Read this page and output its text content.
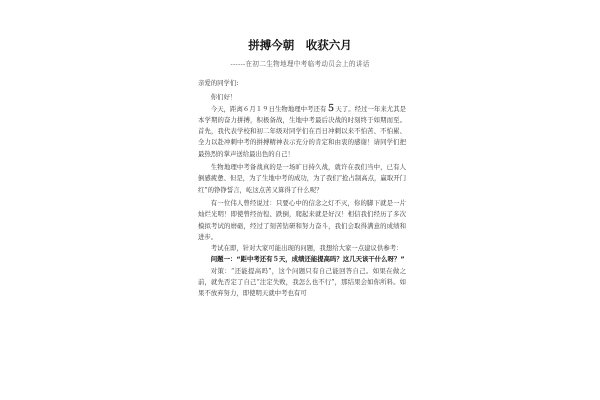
拼搏今朝　收获六月
------在初二生物地理中考临考动员会上的讲话

亲爱的同学们:

你们好！

今天，距离６月１９日生物地理中考还有５天了。经过一年来尤其是本学期的奋力拼搏，积极备战，生地中考最后决战的时刻终于如期而至。首先，我代表学校和初二年级对同学们在百日冲刺以来不怕苦、不怕累、全力以赴冲刺中考的拼搏精神表示充分的肯定和由衷的感谢！请同学们把最热烈的掌声送给最出色的自己！

生物地理中考备战真的是一场旷日持久战，就许在我们当中，已有人倒感疲惫、但是，为了生地中考的成功，为了我们“抢占制高点，赢取开门红”的铮铮誓言，屹这点苦又算得了什么呢？

有一位伟人曾经说过：只要心中的信念之灯不灭，你的脚下就是一片灿烂光明！即使曾经彷徨、跌倒，爬起来就是好汉！相信我们经历了多次模拟考试的磨砺，经过了刻苦钻研和努力奋斗，我们会取得满意的成绩和进步。

考试在即，针对大家可能出现的问题，我想给大家一点建议供参考：

问题一：“距中考还有５天，成绩还能提高吗？这几天该干什么呀？”

对策：“还能提高吗”，这个问题只有自己能回答自己。如果在做之前，就先否定了自己“注定失败，我怎么也不行”，那结果会如你所料。如果不放弃努力，即使明天就中考也有可
